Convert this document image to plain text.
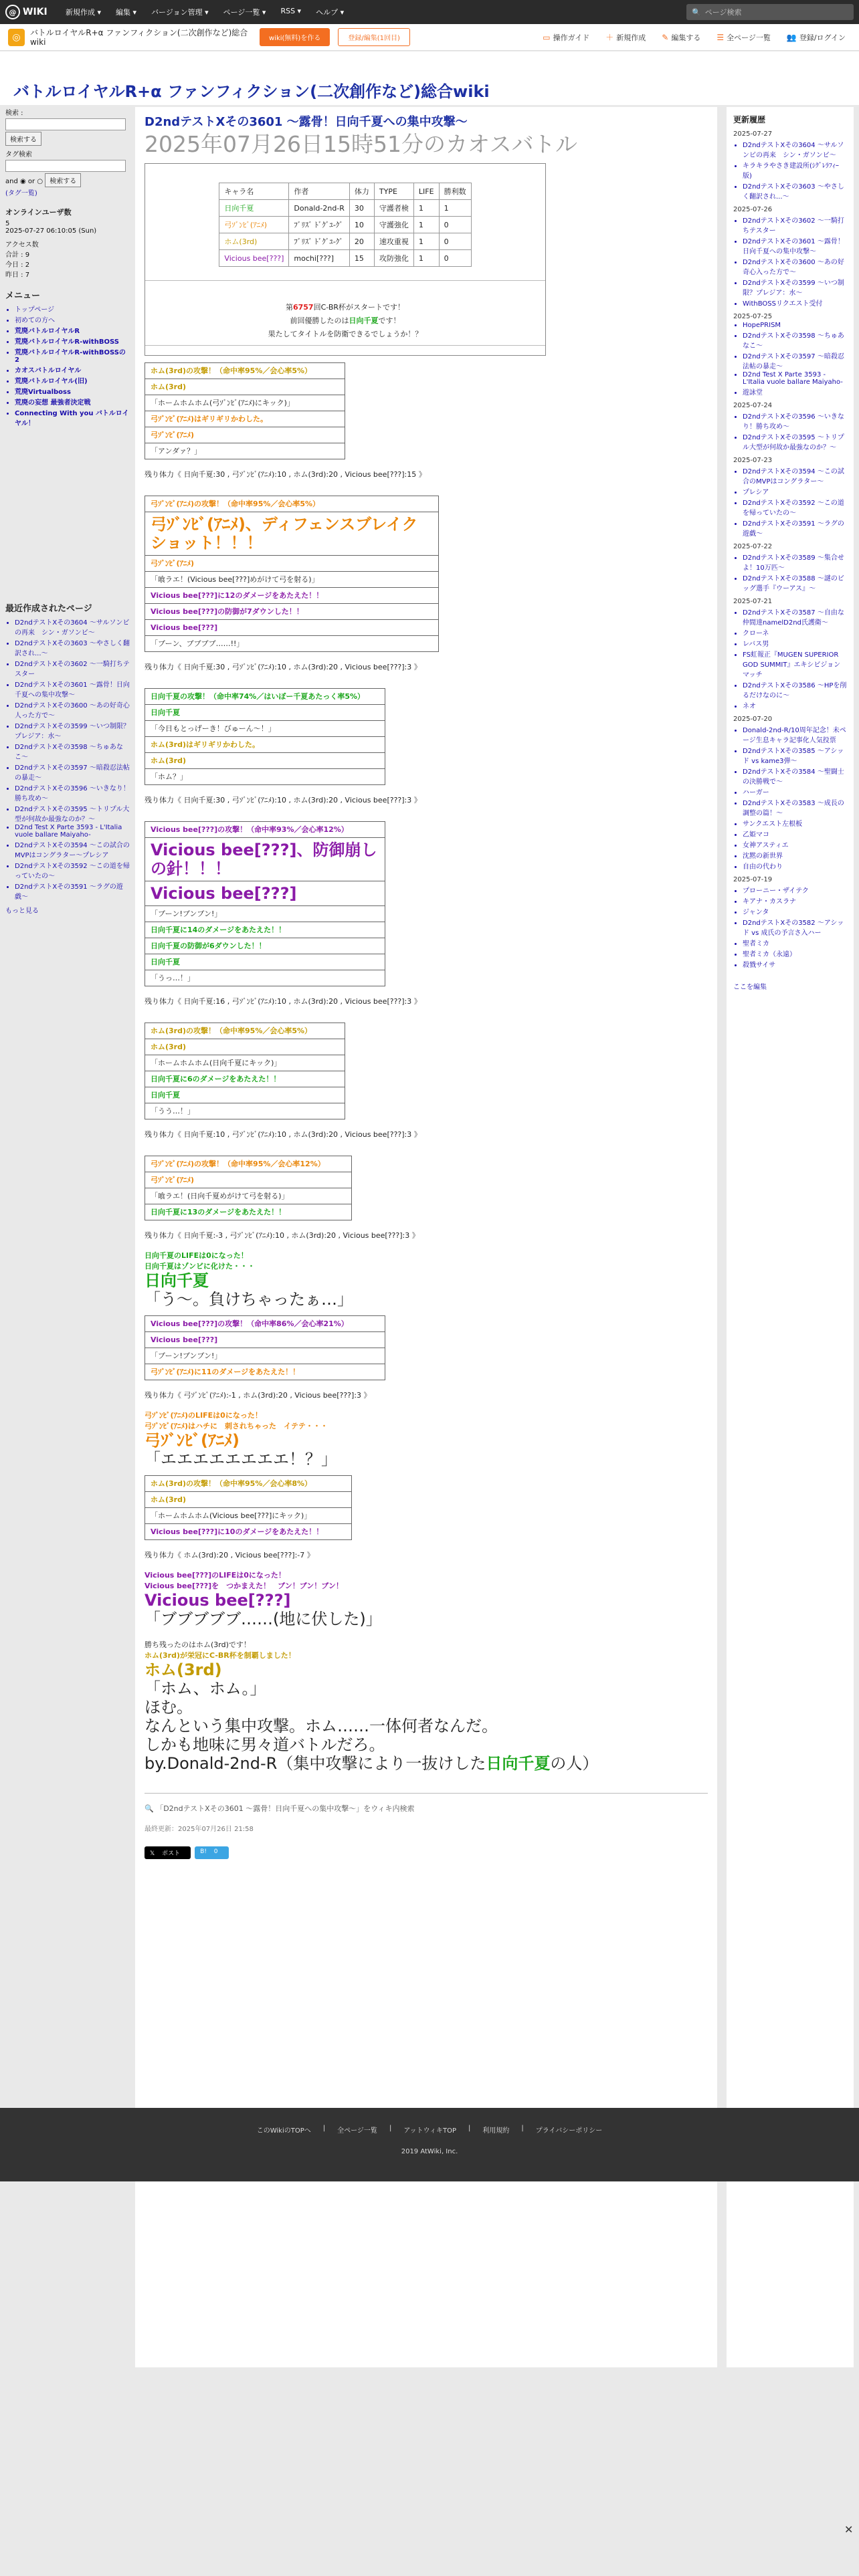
@ WIKI	新規作成 ▾	編集 ▾	バージョン管理 ▾	ページ一覧 ▾	RSS ▾	ヘルプ ▾	🔍 ページ検索
◎	バトルロイヤルR+α ファンフィクション(二次創作など)総合wiki	wiki(無料)を作る	登録/編集(1回目)	▭ 操作ガイド ＋ 新規作成 ✎ 編集する ☰ 全ページ一覧 👥 登録/ログイン
バトルロイヤルR+α ファンフィクション(二次創作など)総合wiki
検索 :
検索する
タグ検索
and ◉ or ○ 検索する
(タグ一覧)
オンラインユーザ数
5
2025-07-27 06:10:05 (Sun)
アクセス数
合計 : 9
今日 : 2
昨日 : 7
メニュー
• トップページ
• 初めての方へ
• 荒廃バトルロイヤルR
• 荒廃バトルロイヤルR-withBOSS
• 荒廃バトルロイヤルR-withBOSSの2
• カオスバトルロイヤル
• 荒廃バトルロイヤル(旧)
• 荒廃Virtualboss
• 荒廃の妄想 最強者決定戦
• Connecting With you バトルロイヤル！
最近作成されたページ
• D2ndテストXその3604 〜サルソンビの再来　シン・ガソンビ〜
• D2ndテストXその3603 〜やさしく翻訳され...〜
• D2ndテストXその3602 〜一騎打ちテスター
• D2ndテストXその3601 〜露骨！日向千夏への集中攻撃〜
• D2ndテストXその3600 〜あの好奇心人った方で〜
• D2ndテストXその3599 〜いつ制限？プレジア：水〜
• D2ndテストXその3598 〜ちゅあなこ〜
• D2ndテストXその3597 〜暗殺忍法帖の暴走〜
• D2ndテストXその3596 〜いきなり！勝ち攻め〜
• D2ndテストXその3595 〜トリプル大型が何故か最強なのか？〜
• D2nd Test X Parte 3593 - L'Italia vuole ballare Maiyaho-
• D2ndテストXその3594 〜この試合のMVPはコングラター〜プレシア
• D2ndテストXその3592 〜この道を帰っていたの〜
• D2ndテストXその3591 〜ラグの遊戯〜
もっと見る
D2ndテストXその3601 〜露骨！日向千夏への集中攻撃〜
2025年07月26日15時51分のカオスバトル
キャラ名	作者	体力	TYPE	LIFE	勝利数
日向千夏	Donald-2nd-R	30	守護者検	1	1
弓ｿﾞﾝﾋﾞ(ｱﾆﾒ)	ﾌﾞﾘｽﾞ ﾄﾞｸﾞﾕ-ｸﾞ	10	守護強化	1	0
ホム(3rd)	ﾌﾞﾘｽﾞ ﾄﾞｸﾞﾕ-ｸﾞ	20	速攻重視	1	0
Vicious bee[???]	mochi[???]	15	攻防強化	1	0
第6757回C-BR杯がスタートです！
前回優勝したのは日向千夏です！
果たしてタイトルを防衛できるでしょうか！？
ホム(3rd)の攻撃！（命中率95%／会心率5%）
ホム(3rd)
「ホームホムホム(弓ｿﾞﾝﾋﾞ(ｱﾆﾒ)にキック)」
弓ｿﾞﾝﾋﾞ(ｱﾆﾒ)はギリギリかわした。
弓ｿﾞﾝﾋﾞ(ｱﾆﾒ)
「アンダァ？」
残り体力《 日向千夏:30 , 弓ｿﾞﾝﾋﾞ(ｱﾆﾒ):10 , ホム(3rd):20 , Vicious bee[???]:15 》
弓ｿﾞﾝﾋﾞ(ｱﾆﾒ)の攻撃！（命中率95%／会心率5%）
弓ｿﾞﾝﾋﾞ(ｱﾆﾒ)、ディフェンスブレイクショット！！！
弓ｿﾞﾝﾋﾞ(ｱﾆﾒ)
「喰ラエ！(Vicious bee[???]めがけて弓を射る)」
Vicious bee[???]に12のダメージをあたえた！！
Vicious bee[???]の防御が7ダウンした！！
Vicious bee[???]
「ブーン、ブブブブ……!!」
残り体力《 日向千夏:30 , 弓ｿﾞﾝﾋﾞ(ｱﾆﾒ):10 , ホム(3rd):20 , Vicious bee[???]:3 》
日向千夏の攻撃！（命中率74%／はいぼー千夏あたっく率5%）
日向千夏
「今日もとっげーき！びゅーん～！」
ホム(3rd)はギリギリかわした。
ホム(3rd)
「ホム？」
残り体力《 日向千夏:30 , 弓ｿﾞﾝﾋﾞ(ｱﾆﾒ):10 , ホム(3rd):20 , Vicious bee[???]:3 》
Vicious bee[???]の攻撃！（命中率93%／会心率12%）
Vicious bee[???]、防御崩しの針！！！
Vicious bee[???]
「ブーン!ブンブン!」
日向千夏に14のダメージをあたえた！！
日向千夏の防御が6ダウンした！！
日向千夏
「うっ…！」
残り体力《 日向千夏:16 , 弓ｿﾞﾝﾋﾞ(ｱﾆﾒ):10 , ホム(3rd):20 , Vicious bee[???]:3 》
ホム(3rd)の攻撃！（命中率95%／会心率5%）
ホム(3rd)
「ホームホムホム(日向千夏にキック)」
日向千夏に6のダメージをあたえた！！
日向千夏
「うう…！」
残り体力《 日向千夏:10 , 弓ｿﾞﾝﾋﾞ(ｱﾆﾒ):10 , ホム(3rd):20 , Vicious bee[???]:3 》
弓ｿﾞﾝﾋﾞ(ｱﾆﾒ)の攻撃！（命中率95%／会心率12%）
弓ｿﾞﾝﾋﾞ(ｱﾆﾒ)
「喰ラエ！(日向千夏めがけて弓を射る)」
日向千夏に13のダメージをあたえた！！
残り体力《 日向千夏:-3 , 弓ｿﾞﾝﾋﾞ(ｱﾆﾒ):10 , ホム(3rd):20 , Vicious bee[???]:3 》
日向千夏のLIFEは0になった！
日向千夏はゾンビに化けた・・・
日向千夏
「う〜。負けちゃったぁ…」
Vicious bee[???]の攻撃！（命中率86%／会心率21%）
Vicious bee[???]
「ブーン!ブンブン!」
弓ｿﾞﾝﾋﾞ(ｱﾆﾒ)に11のダメージをあたえた！！
残り体力《 弓ｿﾞﾝﾋﾞ(ｱﾆﾒ):-1 , ホム(3rd):20 , Vicious bee[???]:3 》
弓ｿﾞﾝﾋﾞ(ｱﾆﾒ)のLIFEは0になった！
弓ｿﾞﾝﾋﾞ(ｱﾆﾒ)はハチに　刺されちゃった　イテテ・・・
弓ｿﾞﾝﾋﾞ(ｱﾆﾒ)
「エエエエエエエエ！？」
ホム(3rd)の攻撃！（命中率95%／会心率8%）
ホム(3rd)
「ホームホムホム(Vicious bee[???]にキック)」
Vicious bee[???]に10のダメージをあたえた！！
残り体力《 ホム(3rd):20 , Vicious bee[???]:-7 》
Vicious bee[???]のLIFEは0になった！
Vicious bee[???]を　つかまえた！　ブン！ブン！ブン！
Vicious bee[???]
「ブブブブブ……(地に伏した)」
勝ち残ったのはホム(3rd)です！
ホム(3rd)が栄冠にC-BR杯を制覇しました！
ホム(3rd)
「ホム、ホム。」
ほむ。
なんという集中攻撃。ホム……一体何者なんだ。
しかも地味に男々道バトルだろ。
by.Donald-2nd-R（集中攻撃により一抜けした日向千夏の人）
🔍 「D2ndテストXその3601 〜露骨！日向千夏への集中攻撃〜」をウィキ内検索
最終更新：2025年07月26日 21:58
𝕏 ポスト	B! 0
更新履歴
2025-07-27
• D2ndテストXその3604 〜サルソンビの再来　シン・ガソンビ〜
• キラキラやさき建設所(ｼｸﾞﾚﾗﾌｨｰ版)
• D2ndテストXその3603 〜やさしく翻訳され...〜
2025-07-26
• D2ndテストXその3602 〜一騎打ちテスター
• D2ndテストXその3601 〜露骨！日向千夏への集中攻撃〜
• D2ndテストXその3600 〜あの好奇心入った方で〜
• D2ndテストXその3599 〜いつ制限？プレジア：水〜
• WithBOSSリクエスト受付
2025-07-25
• HopePRISM
• D2ndテストXその3598 〜ちゅあなこ〜
• D2ndテストXその3597 〜暗殺忍法帖の暴走〜
• D2nd Test X Parte 3593 - L'Italia vuole ballare Maiyaho-
• 遊詠堂
2025-07-24
• D2ndテストXその3596 〜いきなり！勝ち攻め〜
• D2ndテストXその3595 〜トリプル大型が何故か最強なのか？〜
2025-07-23
• D2ndテストXその3594 〜この試合のMVPはコングラター〜
• プレシア
• D2ndテストXその3592 〜この道を帰っていたの〜
• D2ndテストXその3591 〜ラグの遊戯〜
2025-07-22
• D2ndテストXその3589 〜集合せよ！10万匹〜
• D2ndテストXその3588 〜謎のビッグ選手『ウーアス』〜
2025-07-21
• D2ndテストXその3587 〜自由な仲間達namelD2nd氏護衛〜
• クローネ
• レバス男
• FS虹報正『MUGEN SUPERIOR GOD SUMMIT』エキシビジョンマッチ
• D2ndテストXその3586 〜HPを削るだけなのに〜
• ネオ
2025-07-20
• Donald-2nd-R/10周年記念！未ページ生息キャラ記事化人気投票
• D2ndテストXその3585 〜アシッド vs kame3弾〜
• D2ndテストXその3584 〜聖闘士の決勝戦で〜
• ハーガー
• D2ndテストXその3583 〜成長の調整の篇！〜
• サンクエスト左根板
• 乙姫マコ
• 女神アスティエ
• 沈黙の新世界
• 自由の代わり
2025-07-19
• プローニー・ザイテク
• キアナ・カスラナ
• ジャンタ
• D2ndテストXその3582 〜アシッド vs 成氏の予言さ入ハー
• 聖者ミカ
• 聖者ミカ（永遠）
• 殺戮サイサ
ここを編集
このWikiのTOPへ | 全ページ一覧 | アットウィキTOP | 利用規約 | プライバシーポリシー
2019 AtWiki, Inc.
✕
